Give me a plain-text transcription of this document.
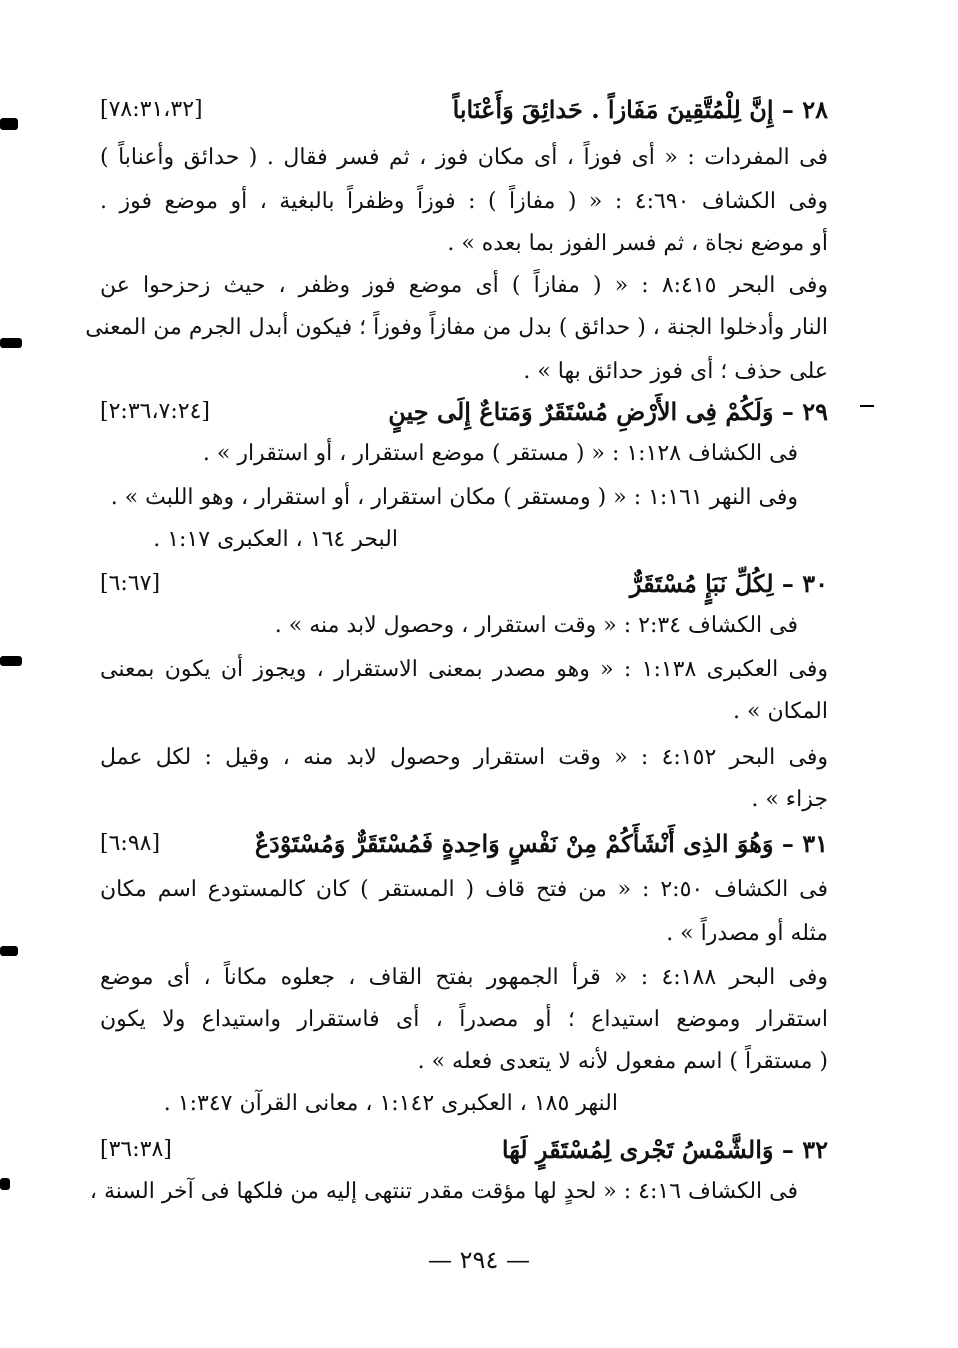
٢٨ – إِنَّ لِلْمُتَّقِينَ مَفَازاً . حَدائِقَ وَأَعْنَاباً
[٧٨:٣١،٣٢]
فى المفردات : « أى فوزاً ، أى مكان فوز ، ثم فسر فقال . ( حدائق وأعناباً )
وفى الكشاف ٤:٦٩٠ : « ( مفازاً ) : فوزاً وظفراً بالبغية ، أو موضع فوز .
أو موضع نجاة ، ثم فسر الفوز بما بعده » .
وفى البحر ٨:٤١٥ : « ( مفازاً ) أى موضع فوز وظفر ، حيث زحزحوا عن
النار وأدخلوا الجنة ، ( حدائق ) بدل من مفازاً وفوزاً ؛ فيكون أبدل الجرم من المعنى
على حذف ؛ أى فوز حدائق بها » .
٢٩ – وَلَكُمْ فِى الأَرْضِ مُسْتَقَرٌ وَمَتاعٌ إِلَى حِينٍ
[٢:٣٦،٧:٢٤]
فى الكشاف ١:١٢٨ : « ( مستقر ) موضع استقرار ، أو استقرار » .
وفى النهر ١:١٦١ : « ( ومستقر ) مكان استقرار ، أو استقرار ، وهو اللبث » .
البحر ١٦٤ ، العكبرى ١:١٧ .
٣٠ – لِكُلِّ نَبَإٍ مُسْتَقَرٌّ
[٦:٦٧]
فى الكشاف ٢:٣٤ : « وقت استقرار ، وحصول لابد منه » .
وفى العكبرى ١:١٣٨ : « وهو مصدر بمعنى الاستقرار ، ويجوز أن يكون بمعنى
المكان » .
وفى البحر ٤:١٥٢ : « وقت استقرار وحصول لابد منه ، وقيل : لكل عمل
جزاء » .
٣١ – وَهُوَ الذِى أَنْشَأَكُمْ مِنْ نَفْسٍ وَاحِدةٍ فَمُسْتَقَرٌّ وَمُسْتَوْدَعٌ
[٦:٩٨]
فى الكشاف ٢:٥٠ : « من فتح قاف ( المستقر ) كان كالمستودع اسم مكان
مثله أو مصدراً » .
وفى البحر ٤:١٨٨ : « قرأ الجمهور بفتح القاف ، جعلوه مكاناً ، أى موضع
استقرار وموضع استيداع ؛ أو مصدراً ، أى فاستقرار واستيداع ولا يكون
( مستقراً ) اسم مفعول لأنه لا يتعدى فعله » .
النهر ١٨٥ ، العكبرى ١:١٤٢ ، معانى القرآن ١:٣٤٧ .
٣٢ – وَالشَّمْسُ تَجْرى لِمُسْتَقَرٍ لَهَا
[٣٦:٣٨]
فى الكشاف ٤:١٦ : « لحدٍ لها مؤقت مقدر تنتهى إليه من فلكها فى آخر السنة ،
— ٢٩٤ —
